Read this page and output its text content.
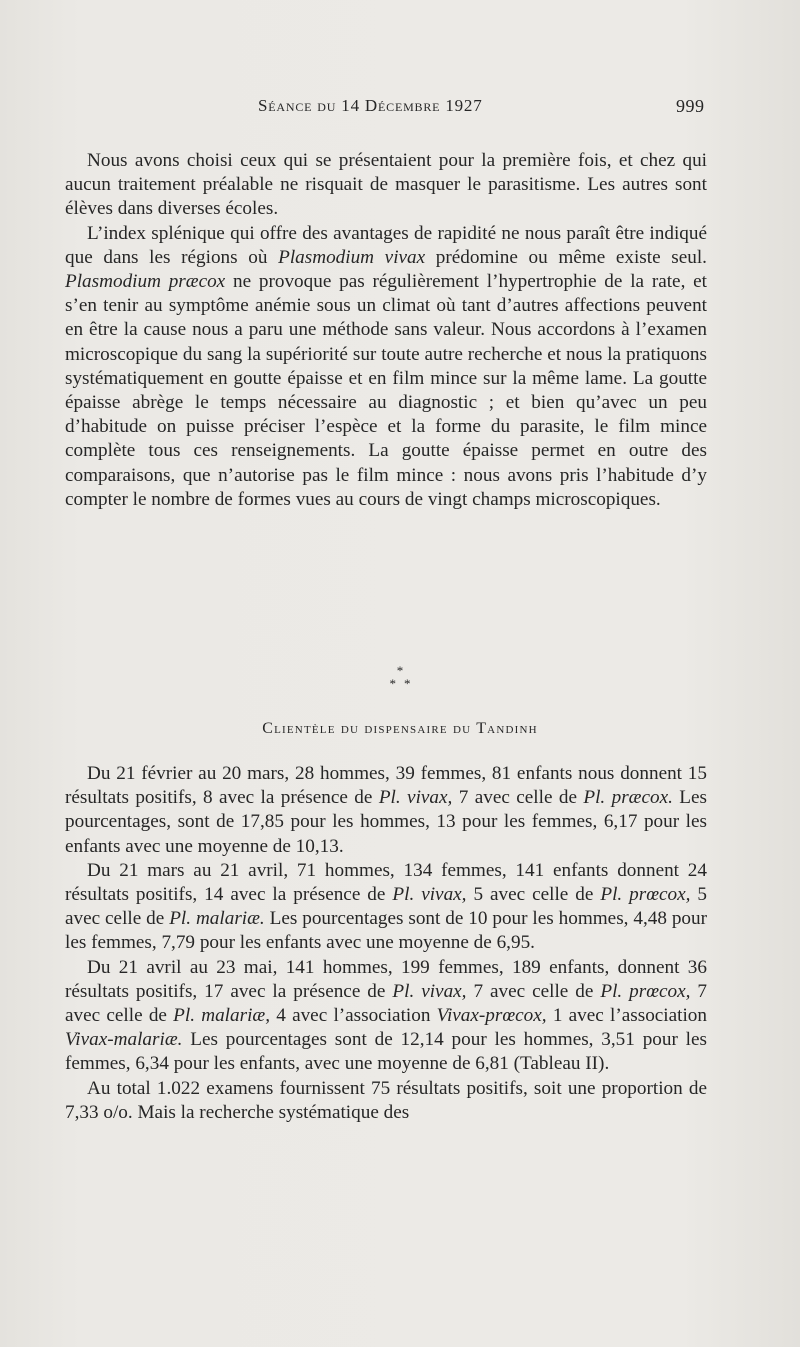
Séance du 14 Décembre 1927	999

Nous avons choisi ceux qui se présentaient pour la première fois, et chez qui aucun traitement préalable ne risquait de masquer le parasitisme. Les autres sont élèves dans diverses écoles.

L’index splénique qui offre des avantages de rapidité ne nous paraît être indiqué que dans les régions où Plasmodium vivax prédomine ou même existe seul. Plasmodium præcox ne provoque pas régulièrement l’hypertrophie de la rate, et s’en tenir au symptôme anémie sous un climat où tant d’autres affections peuvent en être la cause nous a paru une méthode sans valeur. Nous accordons à l’examen microscopique du sang la supériorité sur toute autre recherche et nous la pratiquons systématiquement en goutte épaisse et en film mince sur la même lame. La goutte épaisse abrège le temps nécessaire au diagnostic ; et bien qu’avec un peu d’habitude on puisse préciser l’espèce et la forme du parasite, le film mince complète tous ces renseignements. La goutte épaisse permet en outre des comparaisons, que n’autorise pas le film mince : nous avons pris l’habitude d’y compter le nombre de formes vues au cours de vingt champs microscopiques.

*
**
Clientèle du dispensaire du Tandinh

Du 21 février au 20 mars, 28 hommes, 39 femmes, 81 enfants nous donnent 15 résultats positifs, 8 avec la présence de Pl. vivax, 7 avec celle de Pl. præcox. Les pourcentages, sont de 17,85 pour les hommes, 13 pour les femmes, 6,17 pour les enfants avec une moyenne de 10,13.

Du 21 mars au 21 avril, 71 hommes, 134 femmes, 141 enfants donnent 24 résultats positifs, 14 avec la présence de Pl. vivax, 5 avec celle de Pl. prœcox, 5 avec celle de Pl. malariæ. Les pourcentages sont de 10 pour les hommes, 4,48 pour les femmes, 7,79 pour les enfants avec une moyenne de 6,95.

Du 21 avril au 23 mai, 141 hommes, 199 femmes, 189 enfants, donnent 36 résultats positifs, 17 avec la présence de Pl. vivax, 7 avec celle de Pl. prœcox, 7 avec celle de Pl. malariæ, 4 avec l’association Vivax-prœcox, 1 avec l’association Vivax-malariæ. Les pourcentages sont de 12,14 pour les hommes, 3,51 pour les femmes, 6,34 pour les enfants, avec une moyenne de 6,81 (Tableau II).

Au total 1.022 examens fournissent 75 résultats positifs, soit une proportion de 7,33 o/o. Mais la recherche systématique des
